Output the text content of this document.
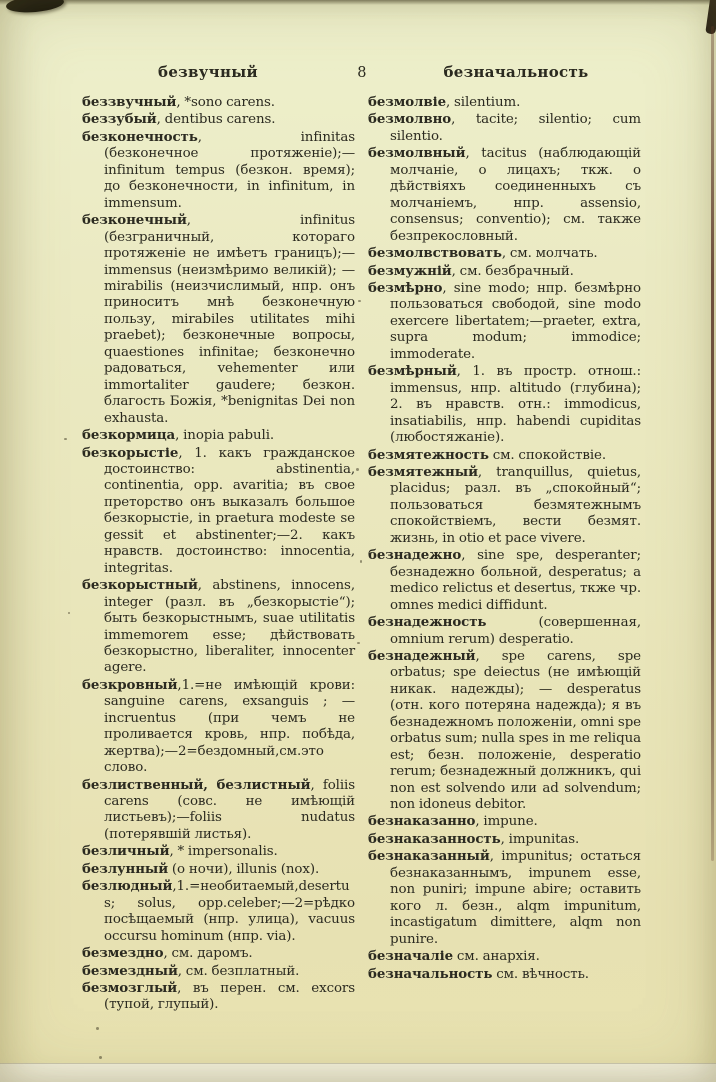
безвучный	8	безначальность

беззвучный, *sono carens.

беззубый, dentibus carens.

безконечность, infinitas (безконечное протяженіе);—infinitum tempus (безкон. время); до безконечности, in infinitum, in immensum.

безконечный, infinitus (безграничный, котораго протяженіе не имѣетъ границъ);—immensus (неизмѣримо великій); — mirabilis (неизчислимый, нпр. онъ приноситъ мнѣ безконечную пользу, mirabiles utilitates mihi praebet); безконечные вопросы, quaestiones infinitae; безконечно радоваться, vehementer или immortaliter gaudere; безкон. благость Божія, *benignitas Dei non exhausta.

безкормица, inopia pabuli.

безкорыстіе, 1. какъ гражданское достоинство: abstinentia, continentia, opp. avaritia; въ свое преторство онъ выказалъ большое безкорыстіе, in praetura modeste se gessit et abstinenter;—2. какъ нравств. достоинство: innocentia, integritas.

безкорыстный, abstinens, innocens, integer (разл. въ „безкорыстіе“); быть безкорыстнымъ, suae utilitatis immemorem esse; дѣйствовать безкорыстно, liberaliter, innocenter agere.

безкровный,1.=не имѣющій крови: sanguine carens, exsanguis ; — incruentus (при чемъ не проливается кровь, нпр. побѣда, жертва);—2=бездомный,см.это слово.

безлиственный, безлистный, foliis carens (совс. не имѣющій листьевъ);—foliis nudatus (потерявшій листья).

безличный, * impersonalis.

безлунный (о ночи), illunis (nox).

безлюдный,1.=необитаемый,desertus; solus, opp.celeber;—2=рѣдко посѣщаемый (нпр. улица), vacuus occursu hominum (нпр. via).

безмездно, см. даромъ.

безмездный, см. безплатный.

безмозглый, въ перен. см. excors (тупой, глупый).

безмолвіе, silentium.

безмолвно, tacite; silentio; cum silentio.

безмолвный, tacitus (наблюдающій молчаніе, о лицахъ; ткж. о дѣйствіяхъ соединенныхъ съ молчаніемъ, нпр. assensio, consensus; conventio); см. также безпрекословный.

безмолвствовать, см. молчать.

безмужній, см. безбрачный.

безмѣрно, sine modo; нпр. безмѣрно пользоваться свободой, sine modo exercere libertatem;—praeter, extra, supra modum; immodice; immoderate.

безмѣрный, 1. въ простр. отнош.: immensus, нпр. altitudo (глубина); 2. въ нравств. отн.: immodicus, insatiabilis, нпр. habendi cupiditas (любостяжаніе).

безмятежность см. спокойствіе.

безмятежный, tranquillus, quietus, placidus; разл. въ „спокойный“; пользоваться безмятежнымъ спокойствіемъ, вести безмят. жизнь, in otio et pace vivere.

безнадежно, sine spe, desperanter; безнадежно больной, desperatus; a medico relictus et desertus, ткже чр. omnes medici diffidunt.

безнадежность (совершенная, omnium rerum) desperatio.

безнадежный, spe carens, spe orbatus; spe deiectus (не имѣющій никак. надежды); — desperatus (отн. кого потеряна надежда); я въ безнадежномъ положеніи, omni spe orbatus sum; nulla spes in me reliqua est; безн. положеніе, desperatio rerum; безнадежный должникъ, qui non est solvendo или ad solvendum; non idoneus debitor.

безнаказанно, impune.

безнаказанность, impunitas.

безнаказанный, impunitus; остаться безнаказаннымъ, impunem esse, non puniri; impune abire; оставить кого л. безн., alqm impunitum, incastigatum dimittere, alqm non punire.

безначаліе см. анархія.

безначальность см. вѣчность.
